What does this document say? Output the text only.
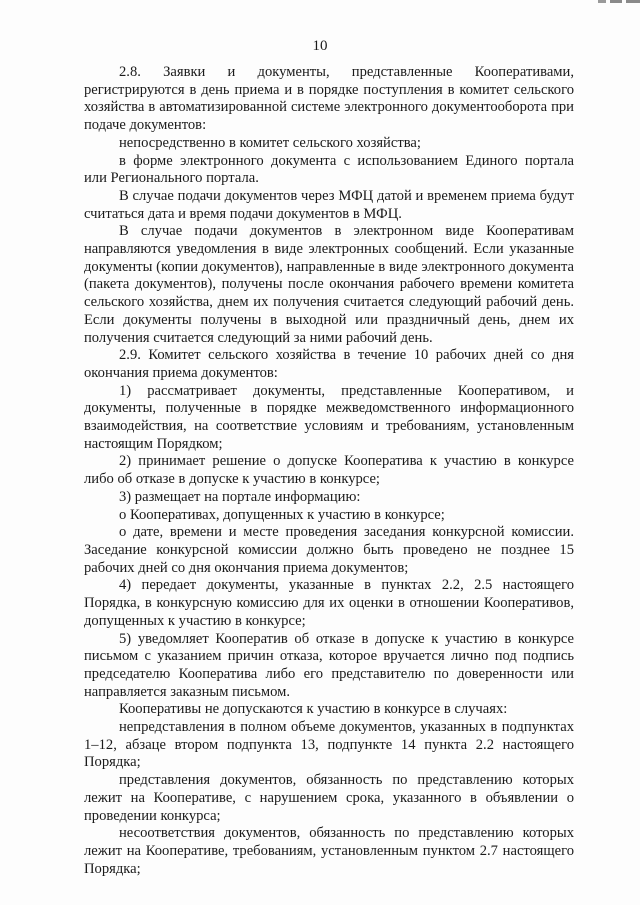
10

2.8. Заявки и документы, представленные Кооперативами, регистрируются в день приема и в порядке поступления в комитет сельского хозяйства в автоматизированной системе электронного документооборота при подаче документов:

непосредственно в комитет сельского хозяйства;

в форме электронного документа с использованием Единого портала или Регионального портала.

В случае подачи документов через МФЦ датой и временем приема будут считаться дата и время подачи документов в МФЦ.

В случае подачи документов в электронном виде Кооперативам направляются уведомления в виде электронных сообщений. Если указанные документы (копии документов), направленные в виде электронного документа (пакета документов), получены после окончания рабочего времени комитета сельского хозяйства, днем их получения считается следующий рабочий день. Если документы получены в выходной или праздничный день, днем их получения считается следующий за ними рабочий день.

2.9. Комитет сельского хозяйства в течение 10 рабочих дней со дня окончания приема документов:

1) рассматривает документы, представленные Кооперативом, и документы, полученные в порядке межведомственного информационного взаимодействия, на соответствие условиям и требованиям, установленным настоящим Порядком;

2) принимает решение о допуске Кооператива к участию в конкурсе либо об отказе в допуске к участию в конкурсе;

3) размещает на портале информацию:

о Кооперативах, допущенных к участию в конкурсе;

о дате, времени и месте проведения заседания конкурсной комиссии. Заседание конкурсной комиссии должно быть проведено не позднее 15 рабочих дней со дня окончания приема документов;

4) передает документы, указанные в пунктах 2.2, 2.5 настоящего Порядка, в конкурсную комиссию для их оценки в отношении Кооперативов, допущенных к участию в конкурсе;

5) уведомляет Кооператив об отказе в допуске к участию в конкурсе письмом с указанием причин отказа, которое вручается лично под подпись председателю Кооператива либо его представителю по доверенности или направляется заказным письмом.

Кооперативы не допускаются к участию в конкурсе в случаях:

непредставления в полном объеме документов, указанных в подпунктах 1–12, абзаце втором подпункта 13, подпункте 14 пункта 2.2 настоящего Порядка;

представления документов, обязанность по представлению которых лежит на Кооперативе, с нарушением срока, указанного в объявлении о проведении конкурса;

несоответствия документов, обязанность по представлению которых лежит на Кооперативе, требованиям, установленным пунктом 2.7 настоящего Порядка;
